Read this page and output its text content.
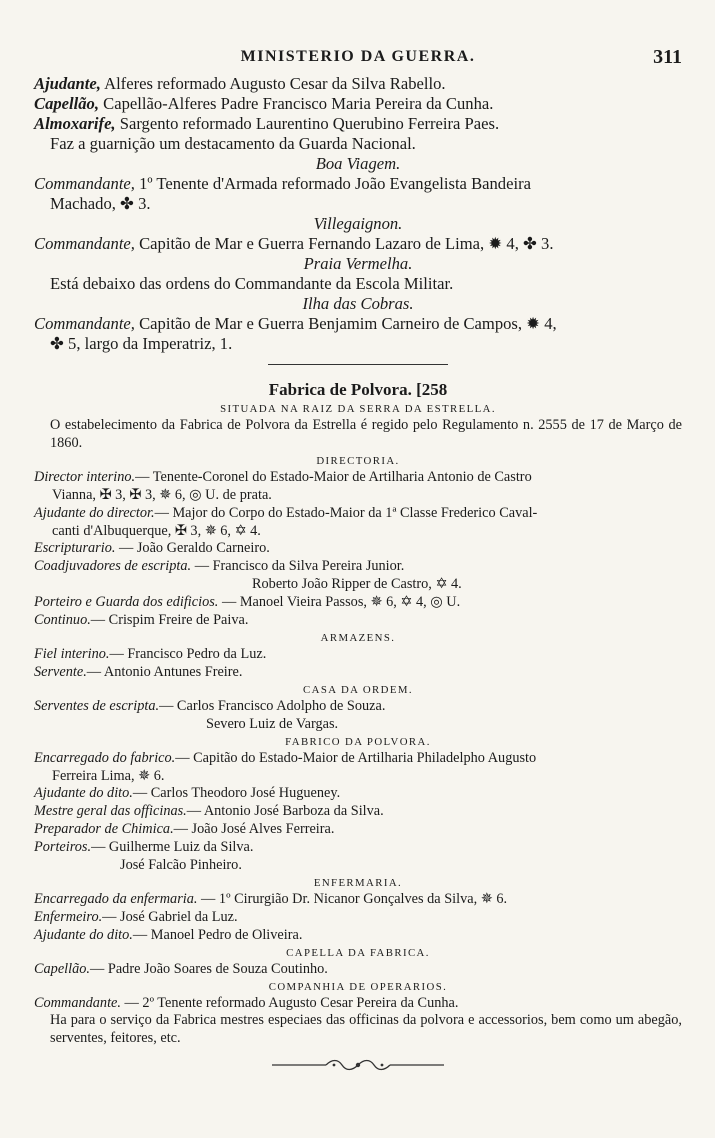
MINISTERIO DA GUERRA.	311
Ajudante, Alferes reformado Augusto Cesar da Silva Rabello.
Capellão, Capellão-Alferes Padre Francisco Maria Pereira da Cunha.
Almoxarife, Sargento reformado Laurentino Querubino Ferreira Paes.
Faz a guarnição um destacamento da Guarda Nacional.
Boa Viagem.
Commandante, 1º Tenente d'Armada reformado João Evangelista Bandeira
Machado, ✤ 3.
Villegaignon.
Commandante, Capitão de Mar e Guerra Fernando Lazaro de Lima, ✹ 4, ✤ 3.
Praia Vermelha.
Está debaixo das ordens do Commandante da Escola Militar.
Ilha das Cobras.
Commandante, Capitão de Mar e Guerra Benjamim Carneiro de Campos, ✹ 4,
✤ 5, largo da Imperatriz, 1.
Fabrica de Polvora. [258
SITUADA NA RAIZ DA SERRA DA ESTRELLA.
O estabelecimento da Fabrica de Polvora da Estrella é regido pelo Regulamento n. 2555 de 17 de Março de 1860.
DIRECTORIA.
Director interino.— Tenente-Coronel do Estado-Maior de Artilharia Antonio de Castro
Vianna, ✠ 3, ✠ 3, ✵ 6, ◎ U. de prata.
Ajudante do director.— Major do Corpo do Estado-Maior da 1ª Classe Frederico Caval-
canti d'Albuquerque, ✠ 3, ✵ 6, ✡ 4.
Escripturario. — João Geraldo Carneiro.
Coadjuvadores de escripta. — Francisco da Silva Pereira Junior.
Roberto João Ripper de Castro, ✡ 4.
Porteiro e Guarda dos edificios. — Manoel Vieira Passos, ✵ 6, ✡ 4, ◎ U.
Continuo.— Crispim Freire de Paiva.
ARMAZENS.
Fiel interino.— Francisco Pedro da Luz.
Servente.— Antonio Antunes Freire.
CASA DA ORDEM.
Serventes de escripta.— Carlos Francisco Adolpho de Souza.
Severo Luiz de Vargas.
FABRICO DA POLVORA.
Encarregado do fabrico.— Capitão do Estado-Maior de Artilharia Philadelpho Augusto
Ferreira Lima, ✵ 6.
Ajudante do dito.— Carlos Theodoro José Hugueney.
Mestre geral das officinas.— Antonio José Barboza da Silva.
Preparador de Chimica.— João José Alves Ferreira.
Porteiros.— Guilherme Luiz da Silva.
José Falcão Pinheiro.
ENFERMARIA.
Encarregado da enfermaria. — 1º Cirurgião Dr. Nicanor Gonçalves da Silva, ✵ 6.
Enfermeiro.— José Gabriel da Luz.
Ajudante do dito.— Manoel Pedro de Oliveira.
CAPELLA DA FABRICA.
Capellão.— Padre João Soares de Souza Coutinho.
COMPANHIA DE OPERARIOS.
Commandante. — 2º Tenente reformado Augusto Cesar Pereira da Cunha.
Ha para o serviço da Fabrica mestres especiaes das officinas da polvora e accessorios, bem como um abegão, serventes, feitores, etc.
